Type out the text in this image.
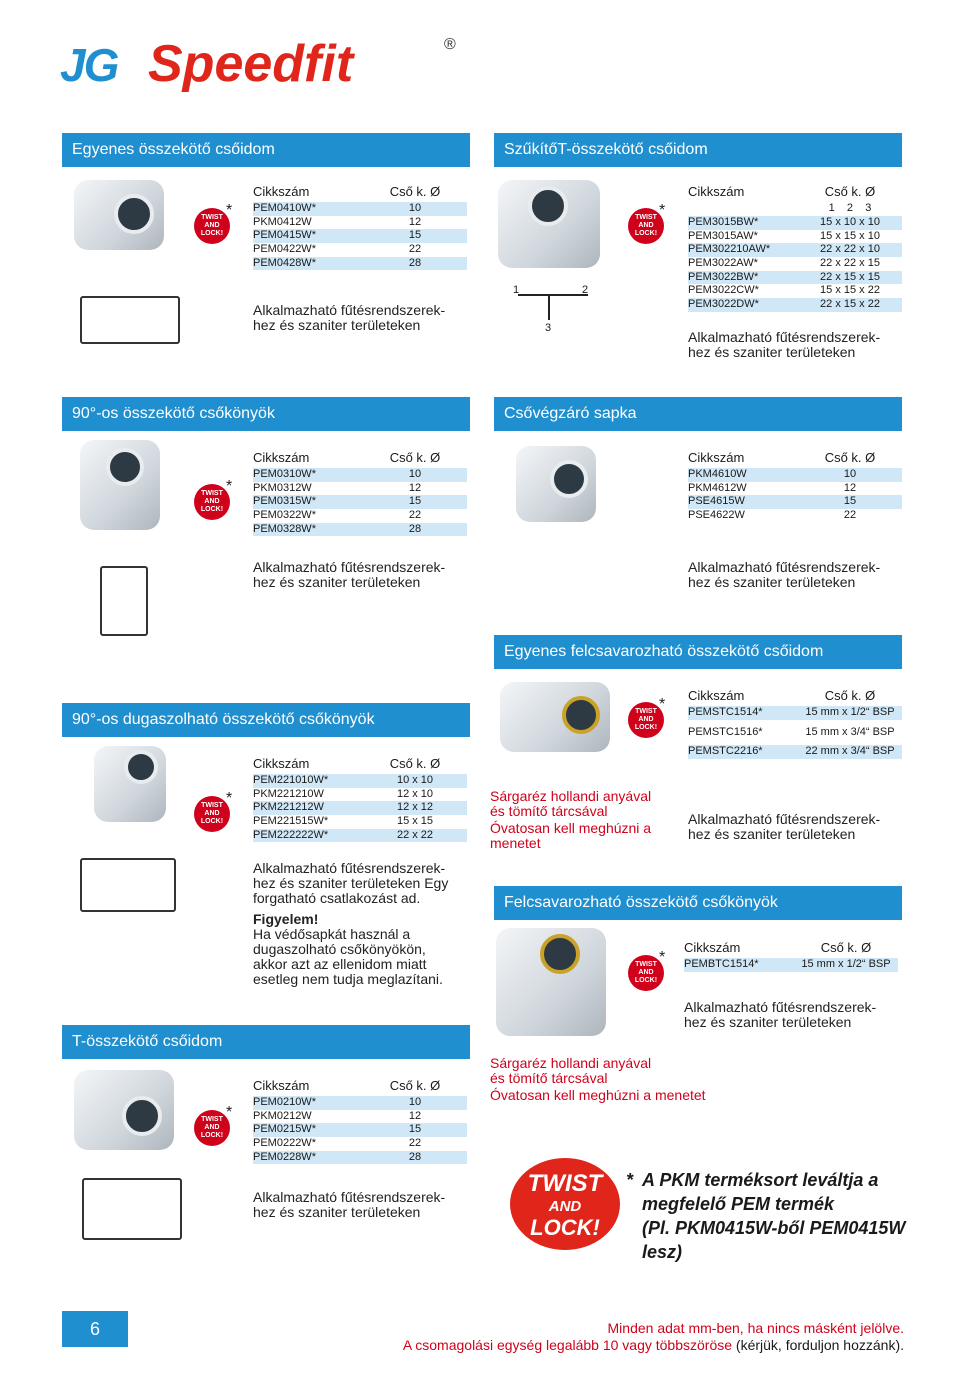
JG Speedfit	®
Egyenes összekötő csőidom
TWIST
AND
LOCK!
*
Cikkszám	Cső k. Ø
PEM0410W*	10
PKM0412W	12
PEM0415W*	15
PEM0422W*	22
PEM0428W*	28
Alkalmazható fűtésrendszerek-hez és szaniter területeken
SzűkítőT-összekötő csőidom
1	2
3
TWIST
AND
LOCK!
*
Cikkszám	Cső k. Ø
1    2    3
PEM3015BW*	15 x 10 x 10
PEM3015AW*	15 x 15 x 10
PEM302210AW*	22 x 22 x 10
PEM3022AW*	22 x 22 x 15
PEM3022BW*	22 x 15 x 15
PEM3022CW*	15 x 15 x 22
PEM3022DW*	22 x 15 x 22
Alkalmazható fűtésrendszerek-hez és szaniter területeken
90°-os összekötő csőkönyök
TWIST
AND
LOCK!
*
Cikkszám	Cső k. Ø
PEM0310W*	10
PKM0312W	12
PEM0315W*	15
PEM0322W*	22
PEM0328W*	28
Alkalmazható fűtésrendszerek-hez és szaniter területeken
Csővégzáró sapka
Cikkszám	Cső k. Ø
PKM4610W	10
PKM4612W	12
PSE4615W	15
PSE4622W	22
Alkalmazható fűtésrendszerek-hez és szaniter területeken
Egyenes felcsavarozható összekötő csőidom
TWIST
AND
LOCK!
*
Cikkszám	Cső k. Ø
PEMSTC1514*	15 mm x 1/2“ BSP
PEMSTC1516*	15 mm x 3/4“ BSP
PEMSTC2216*	22 mm x 3/4“ BSP
Alkalmazható fűtésrendszerek-hez és szaniter területeken
Sárgaréz hollandi anyával és tömítő tárcsával
Óvatosan kell meghúzni a menetet
90°-os dugaszolható összekötő csőkönyök
TWIST
AND
LOCK!
*
Cikkszám	Cső k. Ø
PEM221010W*	10 x 10
PKM221210W	12 x 10
PKM221212W	12 x 12
PEM221515W*	15 x 15
PEM222222W*	22 x 22
Alkalmazható fűtésrendszerek-hez és szaniter területeken Egy forgatható csatlakozást ad.
Figyelem!
Ha védősapkát használ a dugaszolható csőkönyökön, akkor azt az ellenidom miatt esetleg nem tudja meglazítani.
Felcsavarozható összekötő csőkönyök
TWIST
AND
LOCK!
*
Cikkszám	Cső k. Ø
PEMBTC1514*	15 mm x 1/2“ BSP
Alkalmazható fűtésrendszerek-hez és szaniter területeken
Sárgaréz hollandi anyával és tömítő tárcsával
Óvatosan kell meghúzni a menetet
T-összekötő csőidom
TWIST
AND
LOCK!
*
Cikkszám	Cső k. Ø
PEM0210W*	10
PKM0212W	12
PEM0215W*	15
PEM0222W*	22
PEM0228W*	28
Alkalmazható fűtésrendszerek-hez és szaniter területeken
TWIST
AND
LOCK!
* A PKM terméksort leváltja a
megfelelő PEM termék
(Pl. PKM0415W-ből PEM0415W lesz)
6	Minden adat mm-ben, ha nincs másként jelölve.
A csomagolási egység legalább 10 vagy többszöröse (kérjük, forduljon hozzánk).
